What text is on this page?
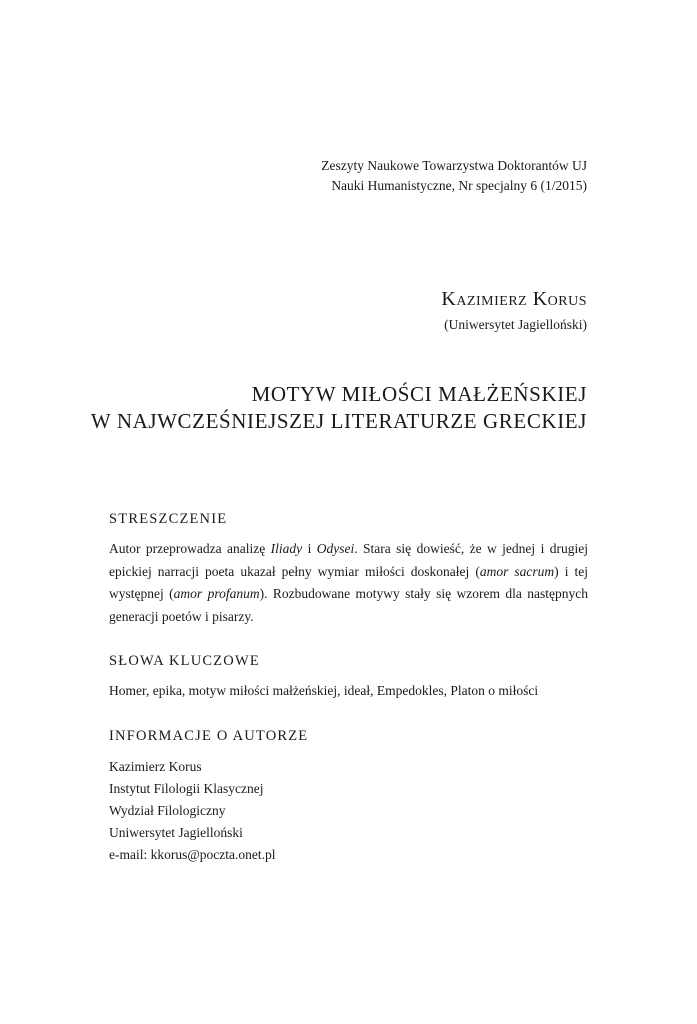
Zeszyty Naukowe Towarzystwa Doktorantów UJ
Nauki Humanistyczne, Nr specjalny 6 (1/2015)
Kazimierz Korus
(Uniwersytet Jagielloński)
MOTYW MIŁOŚCI MAŁŻEŃSKIEJ
W NAJWCZEŚNIEJSZEJ LITERATURZE GRECKIEJ
STRESZCZENIE
Autor przeprowadza analizę Iliady i Odysei. Stara się dowieść, że w jednej i drugiej epickiej narracji poeta ukazał pełny wymiar miłości doskonałej (amor sacrum) i tej występnej (amor profanum). Rozbudowane motywy stały się wzorem dla następnych generacji poetów i pisarzy.
SŁOWA KLUCZOWE
Homer, epika, motyw miłości małżeńskiej, ideał, Empedokles, Platon o miłości
INFORMACJE O AUTORZE
Kazimierz Korus
Instytut Filologii Klasycznej
Wydział Filologiczny
Uniwersytet Jagielloński
e-mail: kkorus@poczta.onet.pl
